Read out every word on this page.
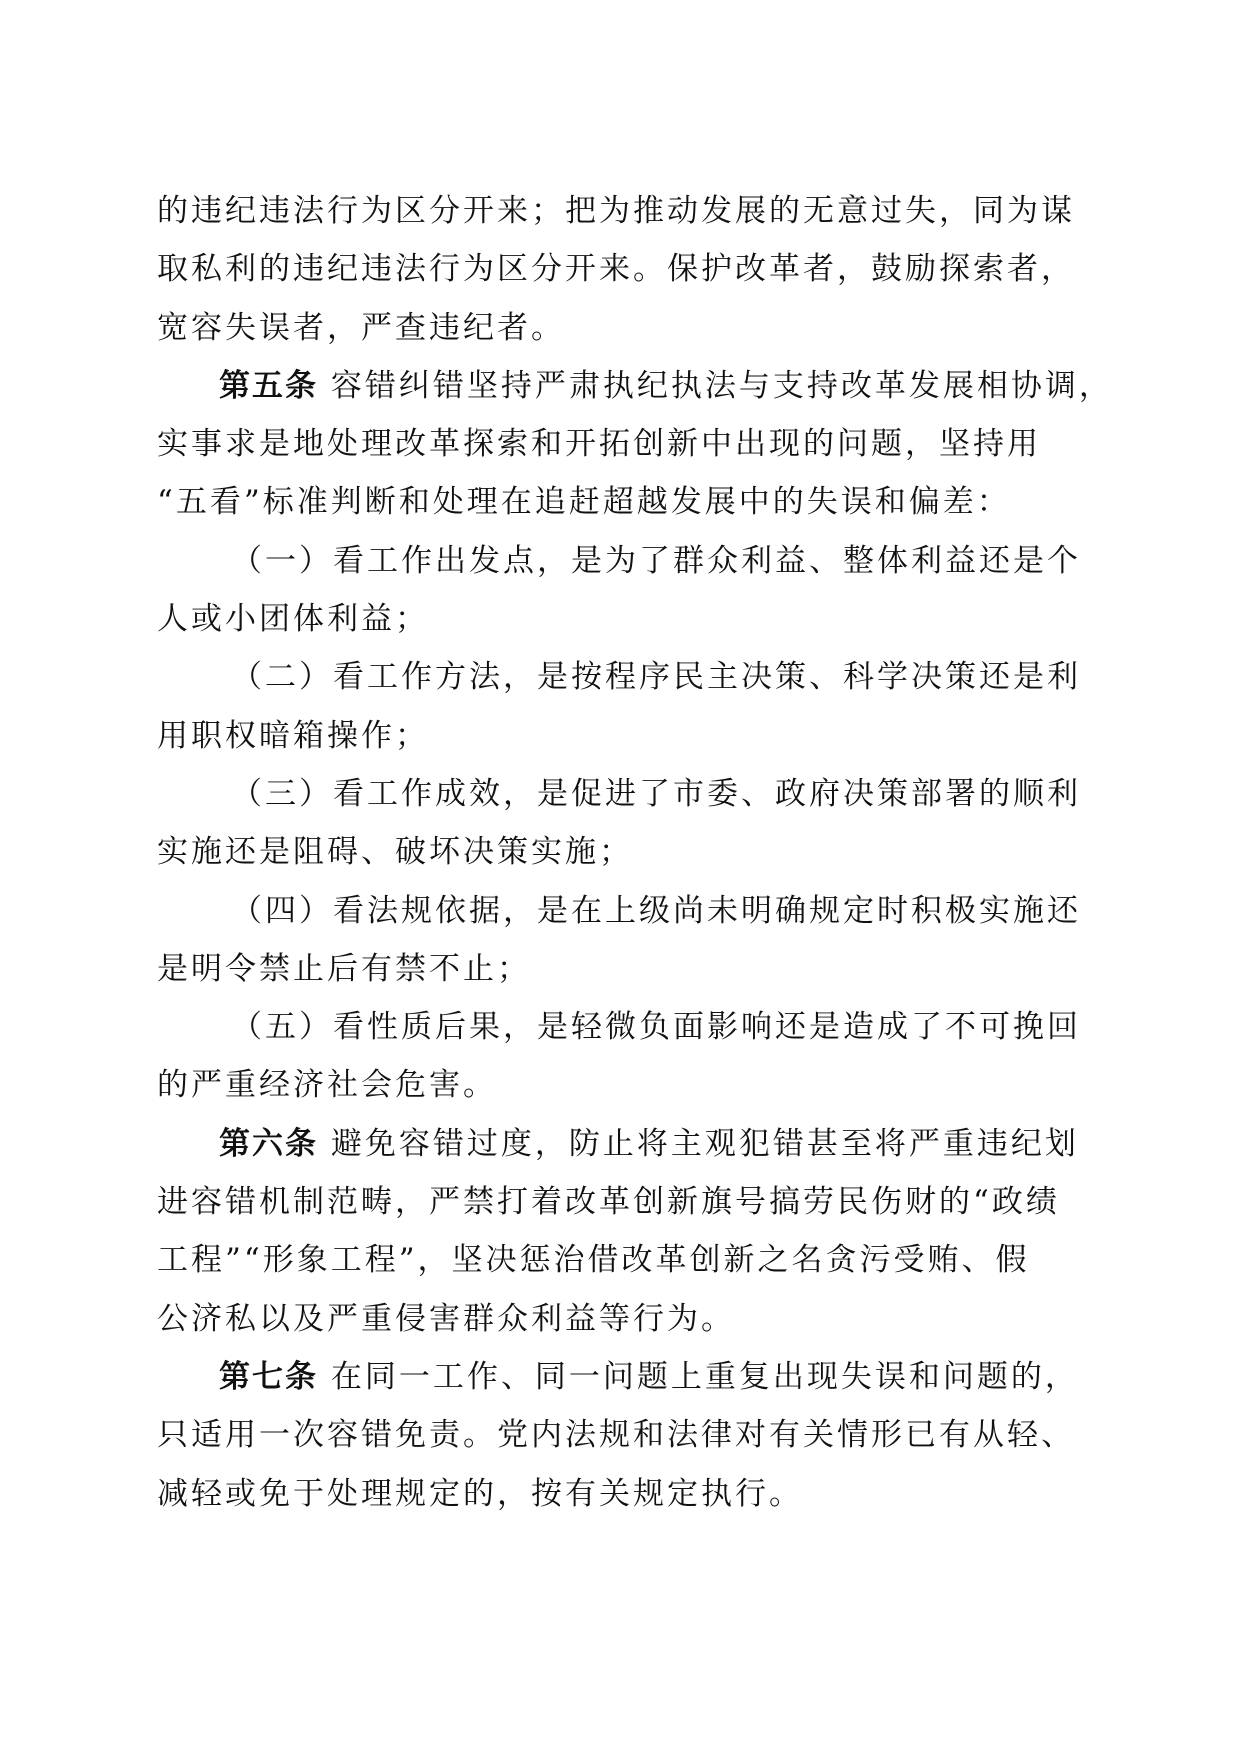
的违纪违法行为区分开来；把为推动发展的无意过失，同为谋
取私利的违纪违法行为区分开来。保护改革者，鼓励探索者，
宽容失误者，严查违纪者。
第五条 容错纠错坚持严肃执纪执法与支持改革发展相协调，
实事求是地处理改革探索和开拓创新中出现的问题，坚持用
“五看”标准判断和处理在追赶超越发展中的失误和偏差：
（一）看工作出发点，是为了群众利益、整体利益还是个
人或小团体利益；
（二）看工作方法，是按程序民主决策、科学决策还是利
用职权暗箱操作；
（三）看工作成效，是促进了市委、政府决策部署的顺利
实施还是阻碍、破坏决策实施；
（四）看法规依据，是在上级尚未明确规定时积极实施还
是明令禁止后有禁不止；
（五）看性质后果，是轻微负面影响还是造成了不可挽回
的严重经济社会危害。
第六条 避免容错过度，防止将主观犯错甚至将严重违纪划
进容错机制范畴，严禁打着改革创新旗号搞劳民伤财的“政绩
工程”“形象工程”，坚决惩治借改革创新之名贪污受贿、假
公济私以及严重侵害群众利益等行为。
第七条 在同一工作、同一问题上重复出现失误和问题的，
只适用一次容错免责。党内法规和法律对有关情形已有从轻、
减轻或免于处理规定的，按有关规定执行。
